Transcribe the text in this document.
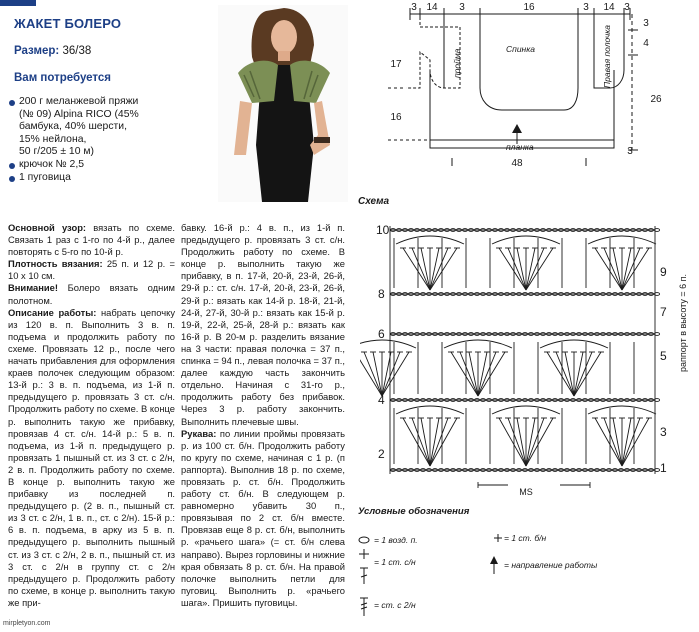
ЖАКЕТ БОЛЕРО
Размер: 36/38
Вам потребуется
200 г меланжевой пряжи
(№ 09) Alpina RICO (45%
бамбука, 40% шерсти,
15% нейлона,
50 г/205 ± 10 м)
крючок № 2,5
1 пуговица
3 14 3	16	3 14 3
17
16
3
4
26
48
3
пройма	Спинка	Правая полочка
планка
Схема
10
8
6
4
2
9
7
5
3
1
раппорт в высоту = 6 п.
MS
Условные обозначения
= 1 возд. п.
= 1 ст. с/н
= 1 ст. б/н
= направление работы
= ст. с 2/н

Основной узор: вязать по схеме. Связать 1 раз с 1-го по 4-й р., далее повторять с 5-го по 10-й р.

Плотность вязания: 25 п. и 12 р. = 10 x 10 см.

Внимание! Болеро вязать одним полотном.

Описание работы: набрать цепочку из 120 в. п. Выполнить 3 в. п. подъема и продолжить работу по схеме. Провязать 12 р., после чего начать прибавления для оформления краев полочек следующим образом: 13-й р.: 3 в. п. подъема, из 1-й п. предыдущего р. провязать 3 ст. с/н. Продолжить работу по схеме. В конце р. выполнить такую же прибавку, провязав 4 ст. с/н. 14-й р.: 5 в. п. подъема, из 1-й п. предыдущего р. провязать 1 пышный ст. из 3 ст. с 2/н, 2 в. п. Продолжить работу по схеме. В конце р. выполнить такую же прибавку из последней п. предыдущего р. (2 в. п., пышный ст. из 3 ст. с 2/н, 1 в. п., ст. с 2/н). 15-й р.: 6 в. п. подъема, в арку из 5 в. п. предыдущего р. выполнить пышный ст. из 3 ст. с 2/н, 2 в. п., пышный ст. из 3 ст. с 2/н в группу ст. с 2/н предыдущего р. Продолжить работу по схеме, в конце р. выполнить такую же при-

бавку. 16-й р.: 4 в. п., из 1-й п. предыдущего р. провязать 3 ст. с/н. Продолжить работу по схеме. В конце р. выполнить такую же прибавку, в п. 17-й, 20-й, 23-й, 26-й, 29-й р.: ст. с/н. 17-й, 20-й, 23-й, 26-й, 29-й р.: вязать как 14-й р. 18-й, 21-й, 24-й, 27-й, 30-й р.: вязать как 15-й р. 19-й, 22-й, 25-й, 28-й р.: вязать как 16-й р. В 20-м р. разделить вязание на 3 части: правая полочка = 37 п., спинка = 94 п., левая полочка = 37 п., далее каждую часть закончить отдельно. Начиная с 31-го р., продолжить работу без прибавок. Через 3 р. работу закончить. Выполнить плечевые швы.

Рукава: по линии проймы провязать р. из 100 ст. б/н. Продолжить работу по кругу по схеме, начиная с 1 р. (п раппорта). Выполнив 18 р. по схеме, провязать р. ст. б/н. Продолжить работу ст. б/н. В следующем р. равномерно убавить 30 п., провязывая по 2 ст. б/н вместе. Провязав еще 8 р. ст. б/н, выполнить р. «рачьего шага» (= ст. б/н слева направо). Вырез горловины и нижние края обвязать 8 р. ст. б/н. На правой полочке выполнить петли для пуговиц. Выполнить р. «рачьего шага». Пришить пуговицы.

mirpletyon.com
